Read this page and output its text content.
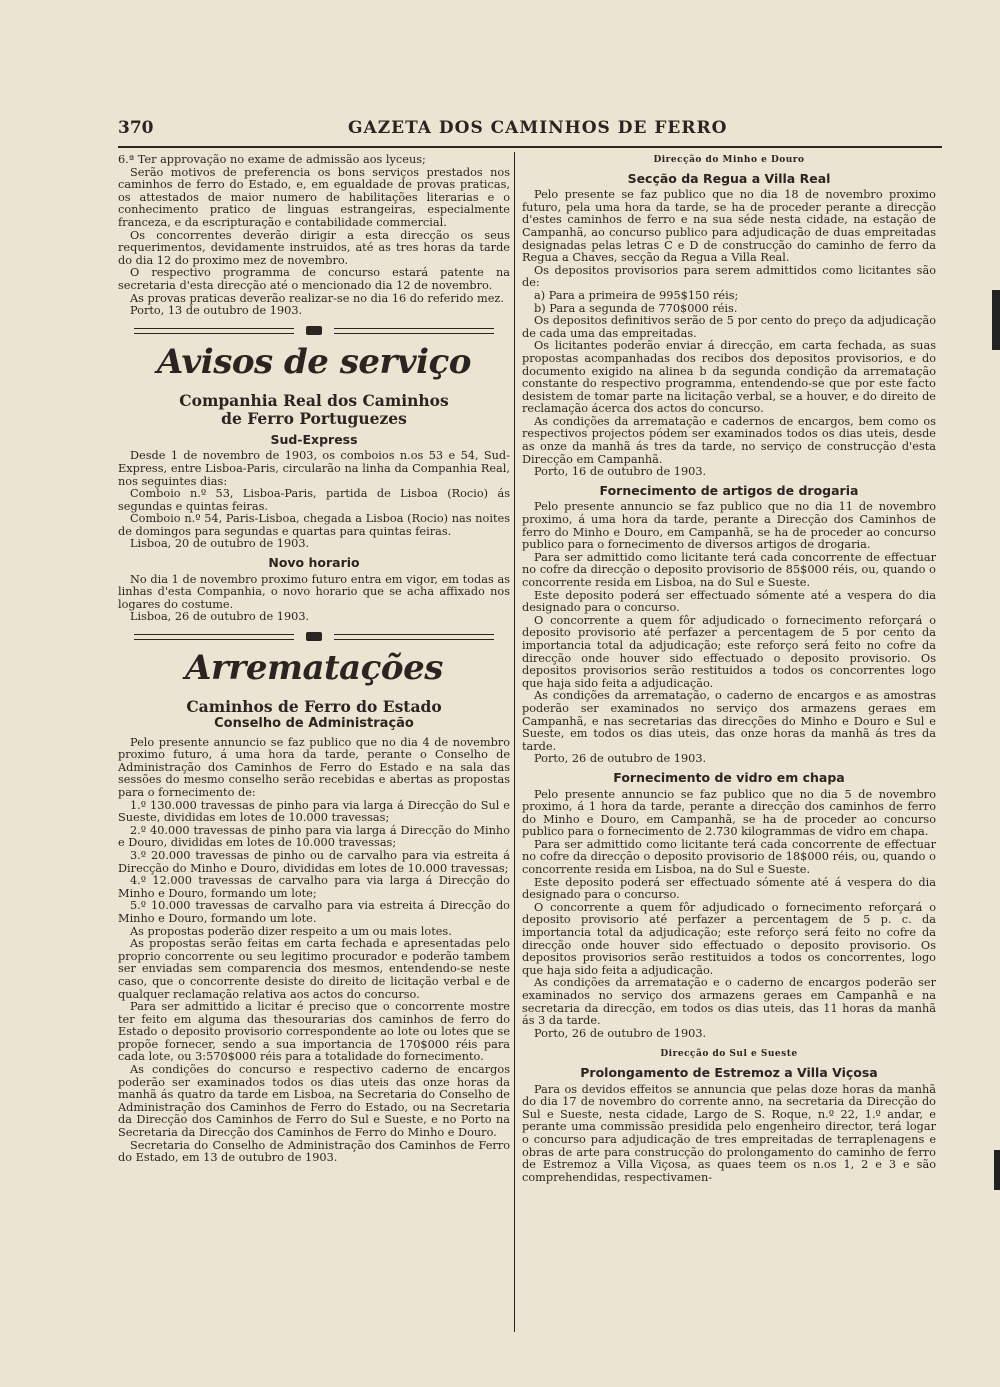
370	GAZETA DOS CAMINHOS DE FERRO

6.ª Ter approvação no exame de admissão aos lyceus;

Serão motivos de preferencia os bons serviços prestados nos caminhos de ferro do Estado, e, em egualdade de provas praticas, os attestados de maior numero de habilitações literarias e o conhecimento pratico de linguas estrangeiras, especialmente franceza, e da escripturação e contabilidade commercial.

Os concorrentes deverão dirigir a esta direcção os seus requerimentos, devidamente instruidos, até as tres horas da tarde do dia 12 do proximo mez de novembro.

O respectivo programma de concurso estará patente na secretaria d'esta direcção até o mencionado dia 12 de novembro.

As provas praticas deverão realizar-se no dia 16 do referido mez.

Porto, 13 de outubro de 1903.

Avisos de serviço
Companhia Real dos Caminhos
de Ferro Portuguezes
Sud-Express

Desde 1 de novembro de 1903, os comboios n.os 53 e 54, Sud-Express, entre Lisboa-Paris, circularão na linha da Companhia Real, nos seguintes dias:

Comboio n.º 53, Lisboa-Paris, partida de Lisboa (Rocio) ás segundas e quintas feiras.

Comboio n.º 54, Paris-Lisboa, chegada a Lisboa (Rocio) nas noites de domingos para segundas e quartas para quintas feiras.

Lisboa, 20 de outubro de 1903.

Novo horario

No dia 1 de novembro proximo futuro entra em vigor, em todas as linhas d'esta Companhia, o novo horario que se acha affixado nos logares do costume.

Lisboa, 26 de outubro de 1903.

Arrematações
Caminhos de Ferro do Estado
Conselho de Administração

Pelo presente annuncio se faz publico que no dia 4 de novembro proximo futuro, á uma hora da tarde, perante o Conselho de Administração dos Caminhos de Ferro do Estado e na sala das sessões do mesmo conselho serão recebidas e abertas as propostas para o fornecimento de:

1.º 130.000 travessas de pinho para via larga á Direcção do Sul e Sueste, divididas em lotes de 10.000 travessas;

2.º 40.000 travessas de pinho para via larga á Direcção do Minho e Douro, divididas em lotes de 10.000 travessas;

3.º 20.000 travessas de pinho ou de carvalho para via estreita á Direcção do Minho e Douro, divididas em lotes de 10.000 travessas;

4.º 12.000 travessas de carvalho para via larga á Direcção do Minho e Douro, formando um lote;

5.º 10.000 travessas de carvalho para via estreita á Direcção do Minho e Douro, formando um lote.

As propostas poderão dizer respeito a um ou mais lotes.

As propostas serão feitas em carta fechada e apresentadas pelo proprio concorrente ou seu legitimo procurador e poderão tambem ser enviadas sem comparencia dos mesmos, entendendo-se neste caso, que o concorrente desiste do direito de licitação verbal e de qualquer reclamação relativa aos actos do concurso.

Para ser admittido a licitar é preciso que o concorrente mostre ter feito em alguma das thesourarias dos caminhos de ferro do Estado o deposito provisorio correspondente ao lote ou lotes que se propõe fornecer, sendo a sua importancia de 170$000 réis para cada lote, ou 3:570$000 réis para a totalidade do fornecimento.

As condições do concurso e respectivo caderno de encargos poderão ser examinados todos os dias uteis das onze horas da manhã ás quatro da tarde em Lisboa, na Secretaria do Conselho de Administração dos Caminhos de Ferro do Estado, ou na Secretaria da Direcção dos Caminhos de Ferro do Sul e Sueste, e no Porto na Secretaria da Direcção dos Caminhos de Ferro do Minho e Douro.

Secretaria do Conselho de Administração dos Caminhos de Ferro do Estado, em 13 de outubro de 1903.

Direcção do Minho e Douro
Secção da Regua a Villa Real

Pelo presente se faz publico que no dia 18 de novembro proximo futuro, pela uma hora da tarde, se ha de proceder perante a direcção d'estes caminhos de ferro e na sua séde nesta cidade, na estação de Campanhã, ao concurso publico para adjudicação de duas empreitadas designadas pelas letras C e D de construcção do caminho de ferro da Regua a Chaves, secção da Regua a Villa Real.

Os depositos provisorios para serem admittidos como licitantes são de:

a) Para a primeira de 995$150 réis;

b) Para a segunda de 770$000 réis.

Os depositos definitivos serão de 5 por cento do preço da adjudicação de cada uma das empreitadas.

Os licitantes poderão enviar á direcção, em carta fechada, as suas propostas acompanhadas dos recibos dos depositos provisorios, e do documento exigido na alinea b da segunda condição da arrematação constante do respectivo programma, entendendo-se que por este facto desistem de tomar parte na licitação verbal, se a houver, e do direito de reclamação ácerca dos actos do concurso.

As condições da arrematação e cadernos de encargos, bem como os respectivos projectos pódem ser examinados todos os dias uteis, desde as onze da manhã ás tres da tarde, no serviço de construcção d'esta Direcção em Campanhã.

Porto, 16 de outubro de 1903.

Fornecimento de artigos de drogaria

Pelo presente annuncio se faz publico que no dia 11 de novembro proximo, á uma hora da tarde, perante a Direcção dos Caminhos de ferro do Minho e Douro, em Campanhã, se ha de proceder ao concurso publico para o fornecimento de diversos artigos de drogaria.

Para ser admittido como licitante terá cada concorrente de effectuar no cofre da direcção o deposito provisorio de 85$000 réis, ou, quando o concorrente resida em Lisboa, na do Sul e Sueste.

Este deposito poderá ser effectuado sómente até a vespera do dia designado para o concurso.

O concorrente a quem fôr adjudicado o fornecimento reforçará o deposito provisorio até perfazer a percentagem de 5 por cento da importancia total da adjudicação; este reforço será feito no cofre da direcção onde houver sido effectuado o deposito provisorio. Os depositos provisorios serão restituidos a todos os concorrentes logo que haja sido feita a adjudicação.

As condições da arrematação, o caderno de encargos e as amostras poderão ser examinados no serviço dos armazens geraes em Campanhã, e nas secretarias das direcções do Minho e Douro e Sul e Sueste, em todos os dias uteis, das onze horas da manhã ás tres da tarde.

Porto, 26 de outubro de 1903.

Fornecimento de vidro em chapa

Pelo presente annuncio se faz publico que no dia 5 de novembro proximo, á 1 hora da tarde, perante a direcção dos caminhos de ferro do Minho e Douro, em Campanhã, se ha de proceder ao concurso publico para o fornecimento de 2.730 kilogrammas de vidro em chapa.

Para ser admittido como licitante terá cada concorrente de effectuar no cofre da direcção o deposito provisorio de 18$000 réis, ou, quando o concorrente resida em Lisboa, na do Sul e Sueste.

Este deposito poderá ser effectuado sómente até á vespera do dia designado para o concurso.

O concorrente a quem fôr adjudicado o fornecimento reforçará o deposito provisorio até perfazer a percentagem de 5 p. c. da importancia total da adjudicação; este reforço será feito no cofre da direcção onde houver sido effectuado o deposito provisorio. Os depositos provisorios serão restituidos a todos os concorrentes, logo que haja sido feita a adjudicação.

As condições da arrematação e o caderno de encargos poderão ser examinados no serviço dos armazens geraes em Campanhã e na secretaria da direcção, em todos os dias uteis, das 11 horas da manhã ás 3 da tarde.

Porto, 26 de outubro de 1903.

Direcção do Sul e Sueste
Prolongamento de Estremoz a Villa Viçosa

Para os devidos effeitos se annuncia que pelas doze horas da manhã do dia 17 de novembro do corrente anno, na secretaria da Direcção do Sul e Sueste, nesta cidade, Largo de S. Roque, n.º 22, 1.º andar, e perante uma commissão presidida pelo engenheiro director, terá logar o concurso para adjudicação de tres empreitadas de terraplenagens e obras de arte para construcção do prolongamento do caminho de ferro de Estremoz a Villa Viçosa, as quaes teem os n.os 1, 2 e 3 e são comprehendidas, respectivamen-
